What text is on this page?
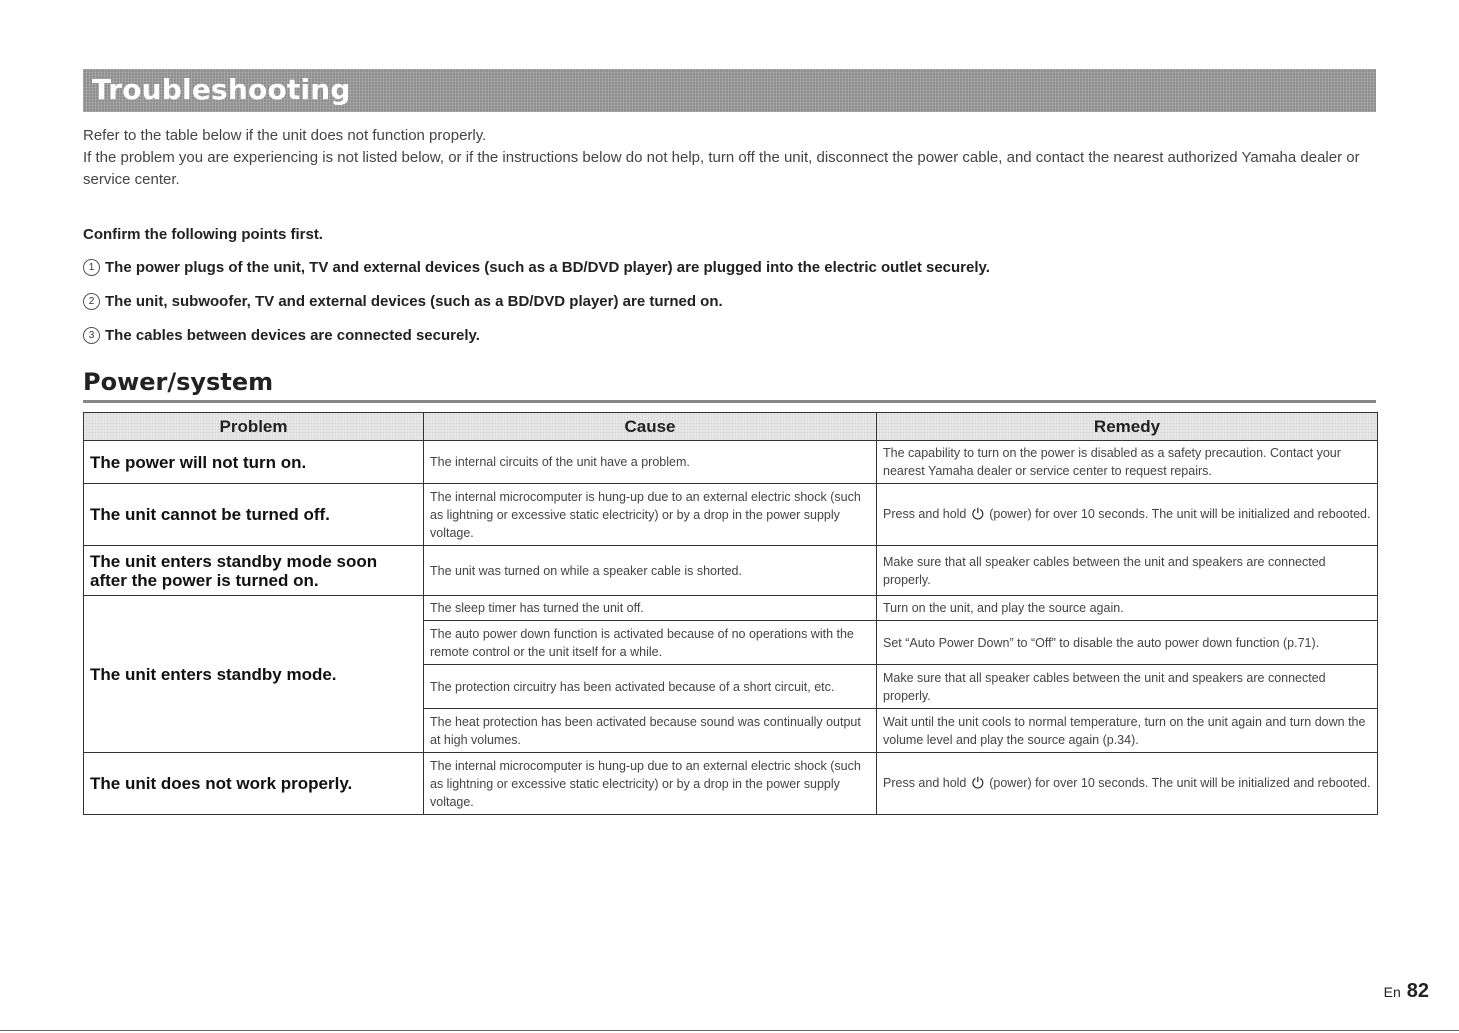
Troubleshooting

Refer to the table below if the unit does not function properly.

If the problem you are experiencing is not listed below, or if the instructions below do not help, turn off the unit, disconnect the power cable, and contact the nearest authorized Yamaha dealer or service center.

Confirm the following points first.
1 The power plugs of the unit, TV and external devices (such as a BD/DVD player) are plugged into the electric outlet securely.
2 The unit, subwoofer, TV and external devices (such as a BD/DVD player) are turned on.
3 The cables between devices are connected securely.
Power/system
Problem	Cause	Remedy
The power will not turn on.	The internal circuits of the unit have a problem.	The capability to turn on the power is disabled as a safety precaution. Contact your nearest Yamaha dealer or service center to request repairs.
The unit cannot be turned off.	The internal microcomputer is hung-up due to an external electric shock (such as lightning or excessive static electricity) or by a drop in the power supply voltage.	Press and hold ⏻ (power) for over 10 seconds. The unit will be initialized and rebooted.
The unit enters standby mode soon after the power is turned on.	The unit was turned on while a speaker cable is shorted.	Make sure that all speaker cables between the unit and speakers are connected properly.
The unit enters standby mode.	The sleep timer has turned the unit off.	Turn on the unit, and play the source again.
	The auto power down function is activated because of no operations with the remote control or the unit itself for a while.	Set “Auto Power Down” to “Off” to disable the auto power down function (p.71).
	The protection circuitry has been activated because of a short circuit, etc.	Make sure that all speaker cables between the unit and speakers are connected properly.
	The heat protection has been activated because sound was continually output at high volumes.	Wait until the unit cools to normal temperature, turn on the unit again and turn down the volume level and play the source again (p.34).
The unit does not work properly.	The internal microcomputer is hung-up due to an external electric shock (such as lightning or excessive static electricity) or by a drop in the power supply voltage.	Press and hold ⏻ (power) for over 10 seconds. The unit will be initialized and rebooted.
En 82
